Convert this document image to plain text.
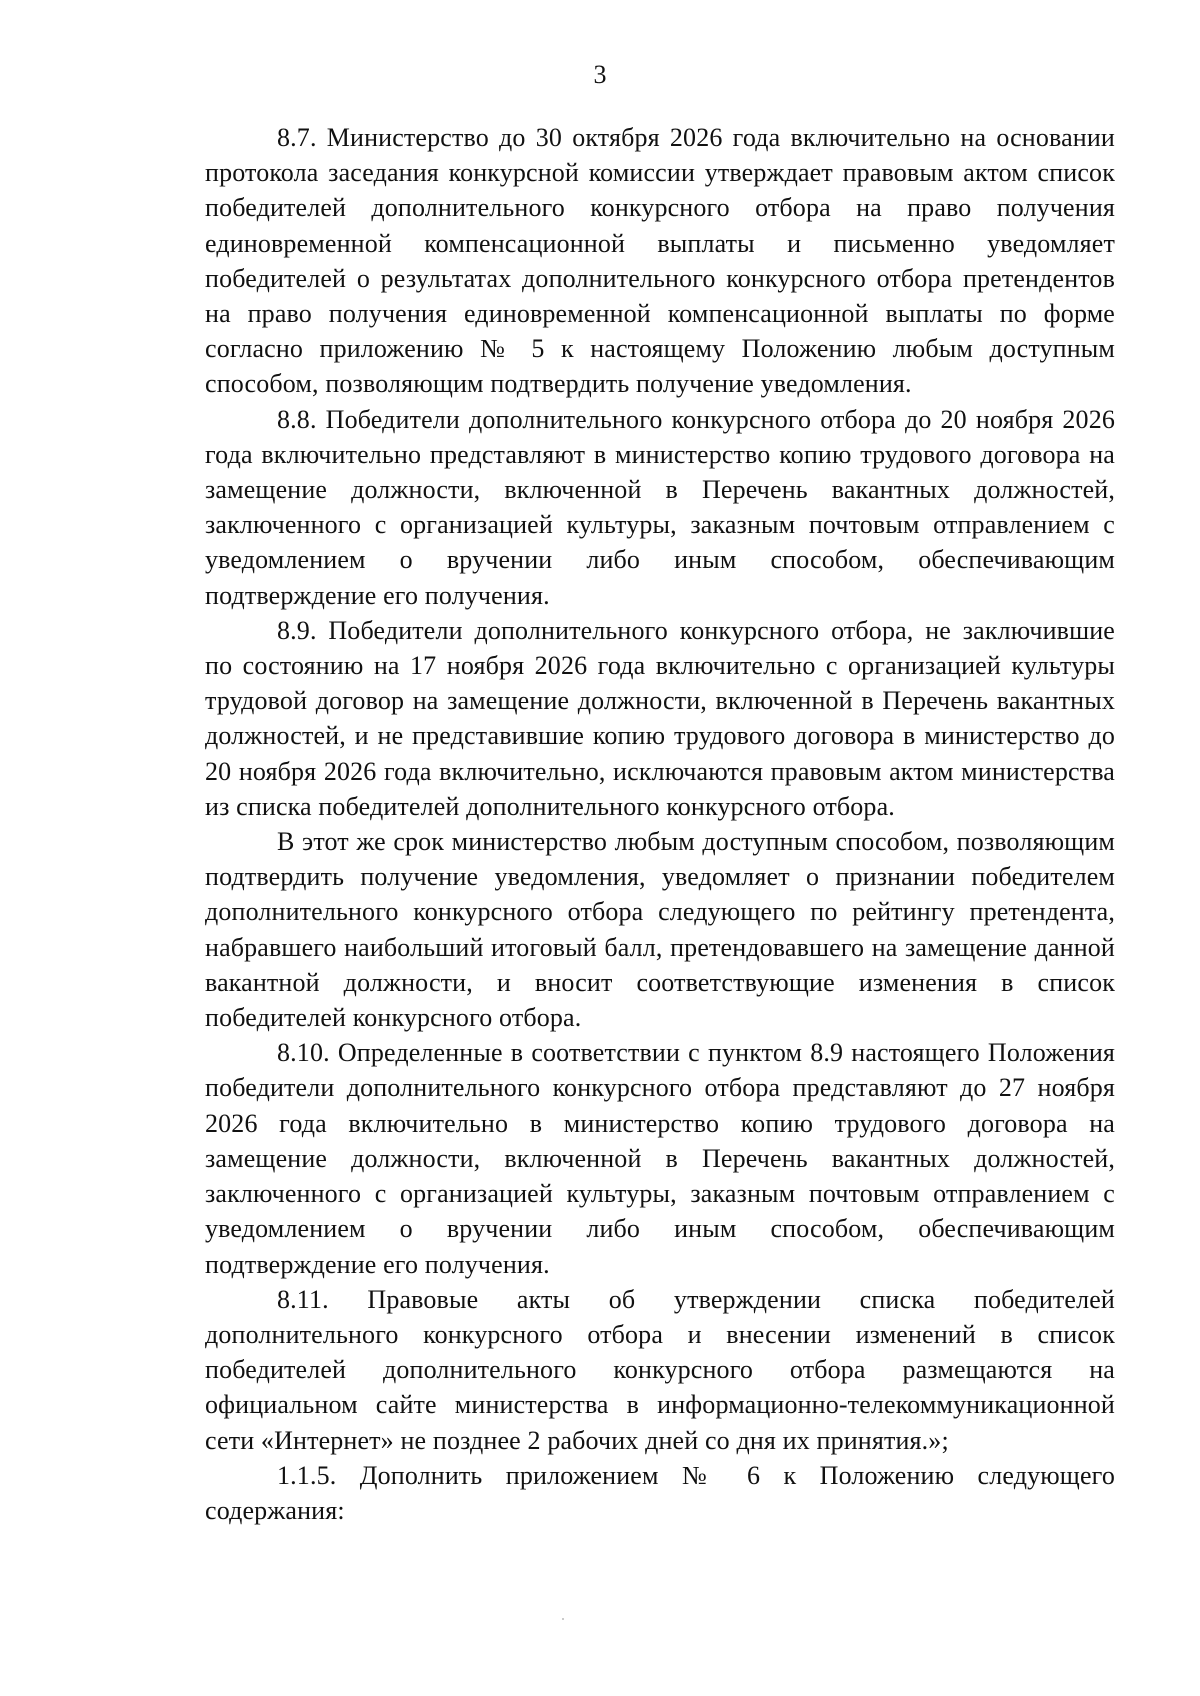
3

8.7. Министерство до 30 октября 2026 года включительно на основании протокола заседания конкурсной комиссии утверждает правовым актом список победителей дополнительного конкурсного отбора на право получения единовременной компенсационной выплаты и письменно уведомляет победителей о результатах дополнительного конкурсного отбора претендентов на право получения единовременной компенсационной выплаты по форме согласно приложению № 5 к настоящему Положению любым доступным способом, позволяющим подтвердить получение уведомления.

8.8. Победители дополнительного конкурсного отбора до 20 ноября 2026 года включительно представляют в министерство копию трудового договора на замещение должности, включенной в Перечень вакантных должностей, заключенного с организацией культуры, заказным почтовым отправлением с уведомлением о вручении либо иным способом, обеспечивающим подтверждение его получения.

8.9. Победители дополнительного конкурсного отбора, не заключившие по состоянию на 17 ноября 2026 года включительно с организацией культуры трудовой договор на замещение должности, включенной в Перечень вакантных должностей, и не представившие копию трудового договора в министерство до 20 ноября 2026 года включительно, исключаются правовым актом министерства из списка победителей дополнительного конкурсного отбора.

В этот же срок министерство любым доступным способом, позволяющим подтвердить получение уведомления, уведомляет о признании победителем дополнительного конкурсного отбора следующего по рейтингу претендента, набравшего наибольший итоговый балл, претендовавшего на замещение данной вакантной должности, и вносит соответствующие изменения в список победителей конкурсного отбора.

8.10. Определенные в соответствии с пунктом 8.9 настоящего Положения победители дополнительного конкурсного отбора представляют до 27 ноября 2026 года включительно в министерство копию трудового договора на замещение должности, включенной в Перечень вакантных должностей, заключенного с организацией культуры, заказным почтовым отправлением с уведомлением о вручении либо иным способом, обеспечивающим подтверждение его получения.

8.11. Правовые акты об утверждении списка победителей дополнительного конкурсного отбора и внесении изменений в список победителей дополнительного конкурсного отбора размещаются на официальном сайте министерства в информационно-телекоммуникационной сети «Интернет» не позднее 2 рабочих дней со дня их принятия.»;

1.1.5. Дополнить приложением № 6 к Положению следующего содержания:
